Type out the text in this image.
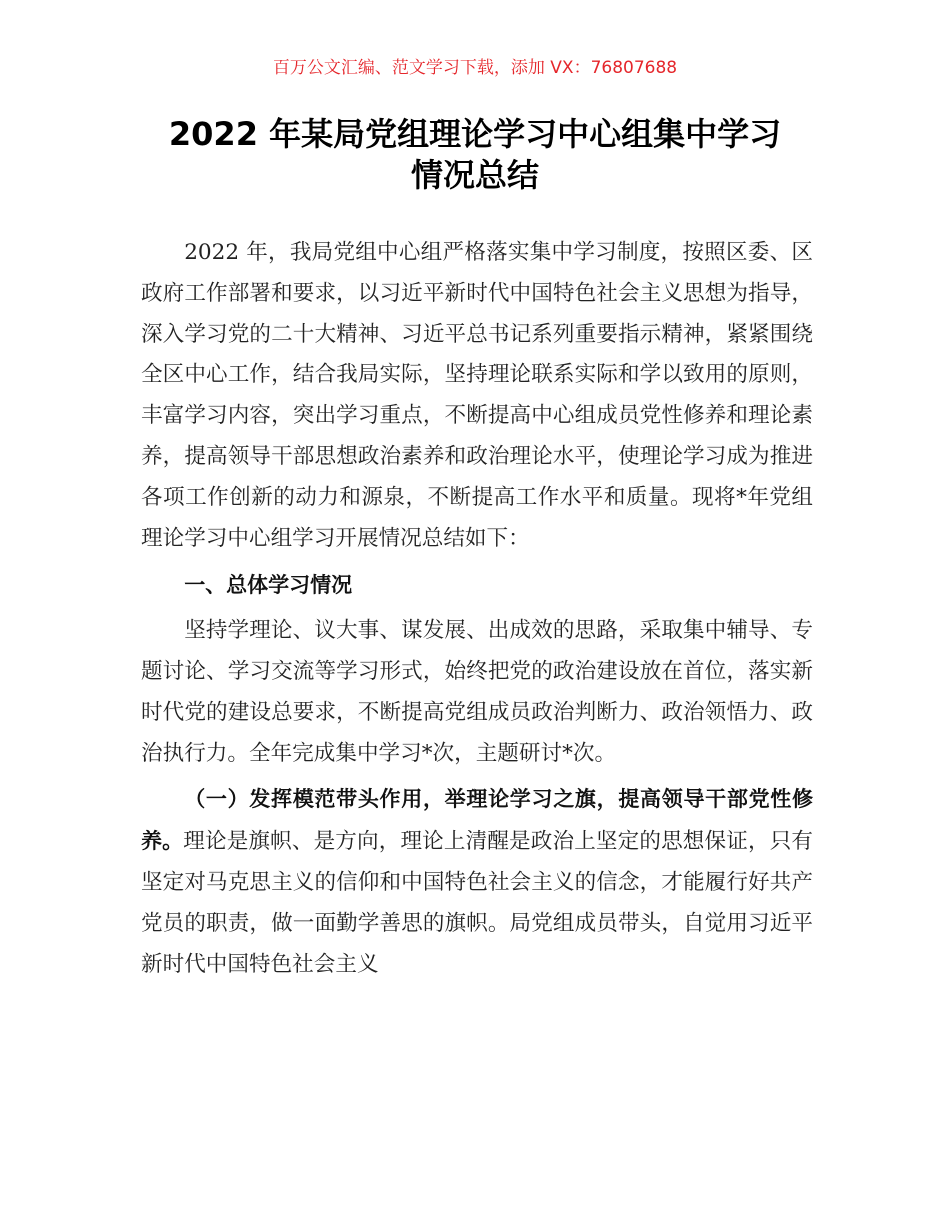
百万公文汇编、范文学习下载，添加 VX：76807688
2022 年某局党组理论学习中心组集中学习
情况总结

2022 年，我局党组中心组严格落实集中学习制度，按照区委、区政府工作部署和要求，以习近平新时代中国特色社会主义思想为指导，深入学习党的二十大精神、习近平总书记系列重要指示精神，紧紧围绕全区中心工作，结合我局实际，坚持理论联系实际和学以致用的原则，丰富学习内容，突出学习重点，不断提高中心组成员党性修养和理论素养，提高领导干部思想政治素养和政治理论水平，使理论学习成为推进各项工作创新的动力和源泉，不断提高工作水平和质量。现将*年党组理论学习中心组学习开展情况总结如下：

一、总体学习情况

坚持学理论、议大事、谋发展、出成效的思路，采取集中辅导、专题讨论、学习交流等学习形式，始终把党的政治建设放在首位，落实新时代党的建设总要求，不断提高党组成员政治判断力、政治领悟力、政治执行力。全年完成集中学习*次，主题研讨*次。

（一）发挥模范带头作用，举理论学习之旗，提高领导干部党性修养。理论是旗帜、是方向，理论上清醒是政治上坚定的思想保证，只有坚定对马克思主义的信仰和中国特色社会主义的信念，才能履行好共产党员的职责，做一面勤学善思的旗帜。局党组成员带头，自觉用习近平新时代中国特色社会主义
